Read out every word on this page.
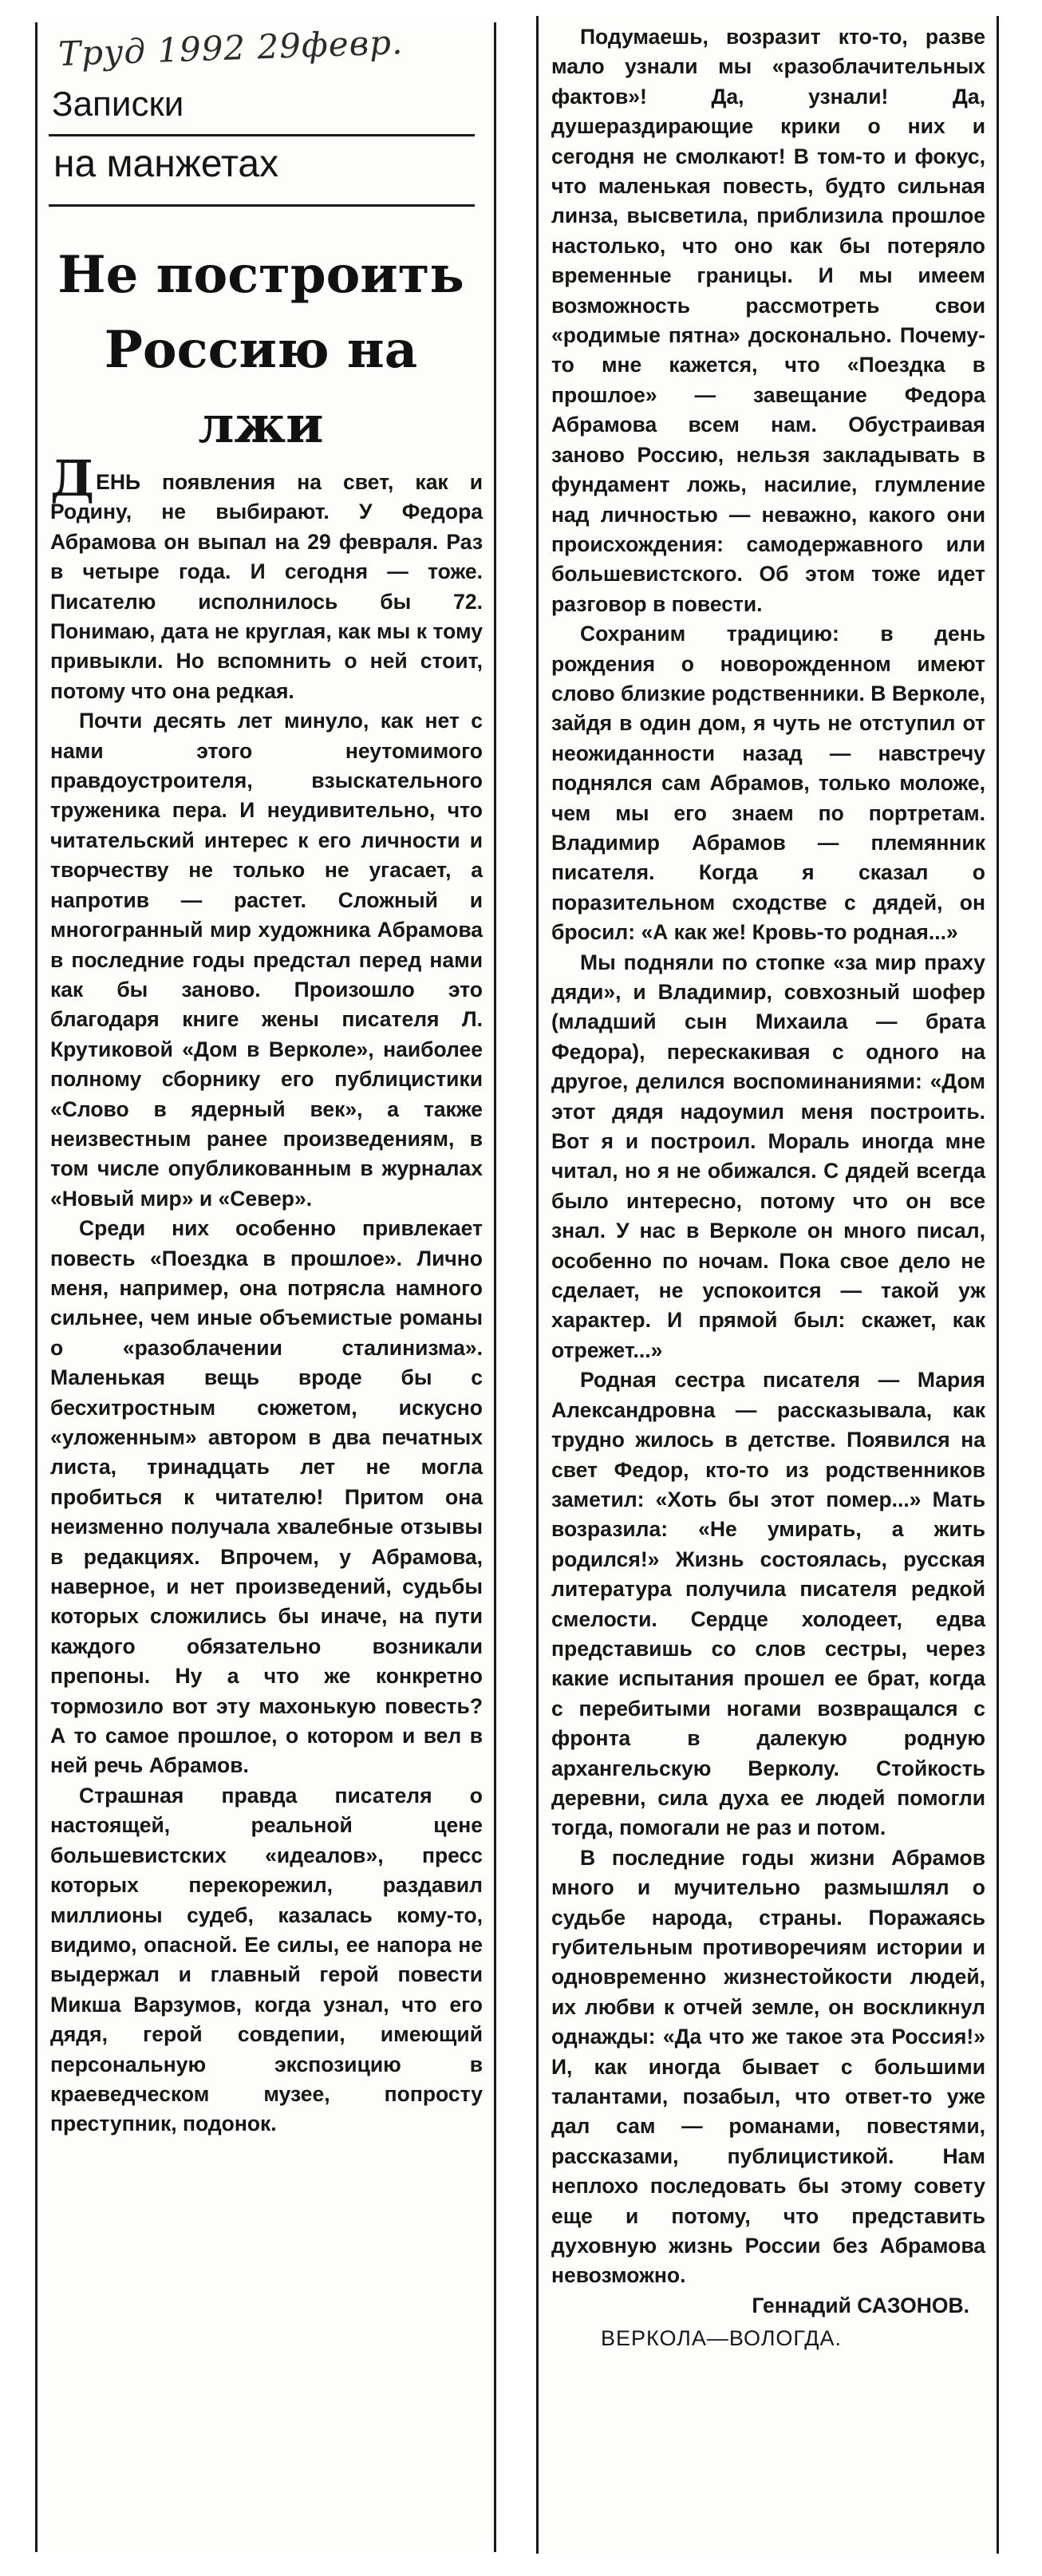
Труд 1992 29февр.
Записки
на манжетах
Не построить Россию на лжи

ДЕНЬ появления на свет, как и Родину, не выбирают. У Федора Абрамова он выпал на 29 февраля. Раз в четыре года. И сегодня — тоже. Писателю исполнилось бы 72. Понимаю, дата не круглая, как мы к тому привыкли. Но вспомнить о ней стоит, потому что она редкая.

Почти десять лет минуло, как нет с нами этого неутомимого правдоустроителя, взыскательного труженика пера. И неудивительно, что читательский интерес к его личности и творчеству не только не угасает, а напротив — растет. Сложный и многогранный мир художника Абрамова в последние годы предстал перед нами как бы заново. Произошло это благодаря книге жены писателя Л. Крутиковой «Дом в Верколе», наиболее полному сборнику его публицистики «Слово в ядерный век», а также неизвестным ранее произведениям, в том числе опубликованным в журналах «Новый мир» и «Север».

Среди них особенно привлекает повесть «Поездка в прошлое». Лично меня, например, она потрясла намного сильнее, чем иные объемистые романы о «разоблачении сталинизма». Маленькая вещь вроде бы с бесхитростным сюжетом, искусно «уложенным» автором в два печатных листа, тринадцать лет не могла пробиться к читателю! Притом она неизменно получала хвалебные отзывы в редакциях. Впрочем, у Абрамова, наверное, и нет произведений, судьбы которых сложились бы иначе, на пути каждого обязательно возникали препоны. Ну а что же конкретно тормозило вот эту махонькую повесть? А то самое прошлое, о котором и вел в ней речь Абрамов.

Страшная правда писателя о настоящей, реальной цене большевистских «идеалов», пресс которых перекорежил, раздавил миллионы судеб, казалась кому-то, видимо, опасной. Ее силы, ее напора не выдержал и главный герой повести Микша Варзумов, когда узнал, что его дядя, герой совдепии, имеющий персональную экспозицию в краеведческом музее, попросту преступник, подонок.

Подумаешь, возразит кто-то, разве мало узнали мы «разоблачительных фактов»! Да, узнали! Да, душераздирающие крики о них и сегодня не смолкают! В том-то и фокус, что маленькая повесть, будто сильная линза, высветила, приблизила прошлое настолько, что оно как бы потеряло временные границы. И мы имеем возможность рассмотреть свои «родимые пятна» досконально. Почему-то мне кажется, что «Поездка в прошлое» — завещание Федора Абрамова всем нам. Обустраивая заново Россию, нельзя закладывать в фундамент ложь, насилие, глумление над личностью — неважно, какого они происхождения: самодержавного или большевистского. Об этом тоже идет разговор в повести.

Сохраним традицию: в день рождения о новорожденном имеют слово близкие родственники. В Верколе, зайдя в один дом, я чуть не отступил от неожиданности назад — навстречу поднялся сам Абрамов, только моложе, чем мы его знаем по портретам. Владимир Абрамов — племянник писателя. Когда я сказал о поразительном сходстве с дядей, он бросил: «А как же! Кровь-то родная...»

Мы подняли по стопке «за мир праху дяди», и Владимир, совхозный шофер (младший сын Михаила — брата Федора), перескакивая с одного на другое, делился воспоминаниями: «Дом этот дядя надоумил меня построить. Вот я и построил. Мораль иногда мне читал, но я не обижался. С дядей всегда было интересно, потому что он все знал. У нас в Верколе он много писал, особенно по ночам. Пока свое дело не сделает, не успокоится — такой уж характер. И прямой был: скажет, как отрежет...»

Родная сестра писателя — Мария Александровна — рассказывала, как трудно жилось в детстве. Появился на свет Федор, кто-то из родственников заметил: «Хоть бы этот помер...» Мать возразила: «Не умирать, а жить родился!» Жизнь состоялась, русская литература получила писателя редкой смелости. Сердце холодеет, едва представишь со слов сестры, через какие испытания прошел ее брат, когда с перебитыми ногами возвращался с фронта в далекую родную архангельскую Верколу. Стойкость деревни, сила духа ее людей помогли тогда, помогали не раз и потом.

В последние годы жизни Абрамов много и мучительно размышлял о судьбе народа, страны. Поражаясь губительным противоречиям истории и одновременно жизнестойкости людей, их любви к отчей земле, он воскликнул однажды: «Да что же такое эта Россия!» И, как иногда бывает с большими талантами, позабыл, что ответ-то уже дал сам — романами, повестями, рассказами, публицистикой. Нам неплохо последовать бы этому совету еще и потому, что представить духовную жизнь России без Абрамова невозможно.

Геннадий САЗОНОВ.

ВЕРКОЛА—ВОЛОГДА.
